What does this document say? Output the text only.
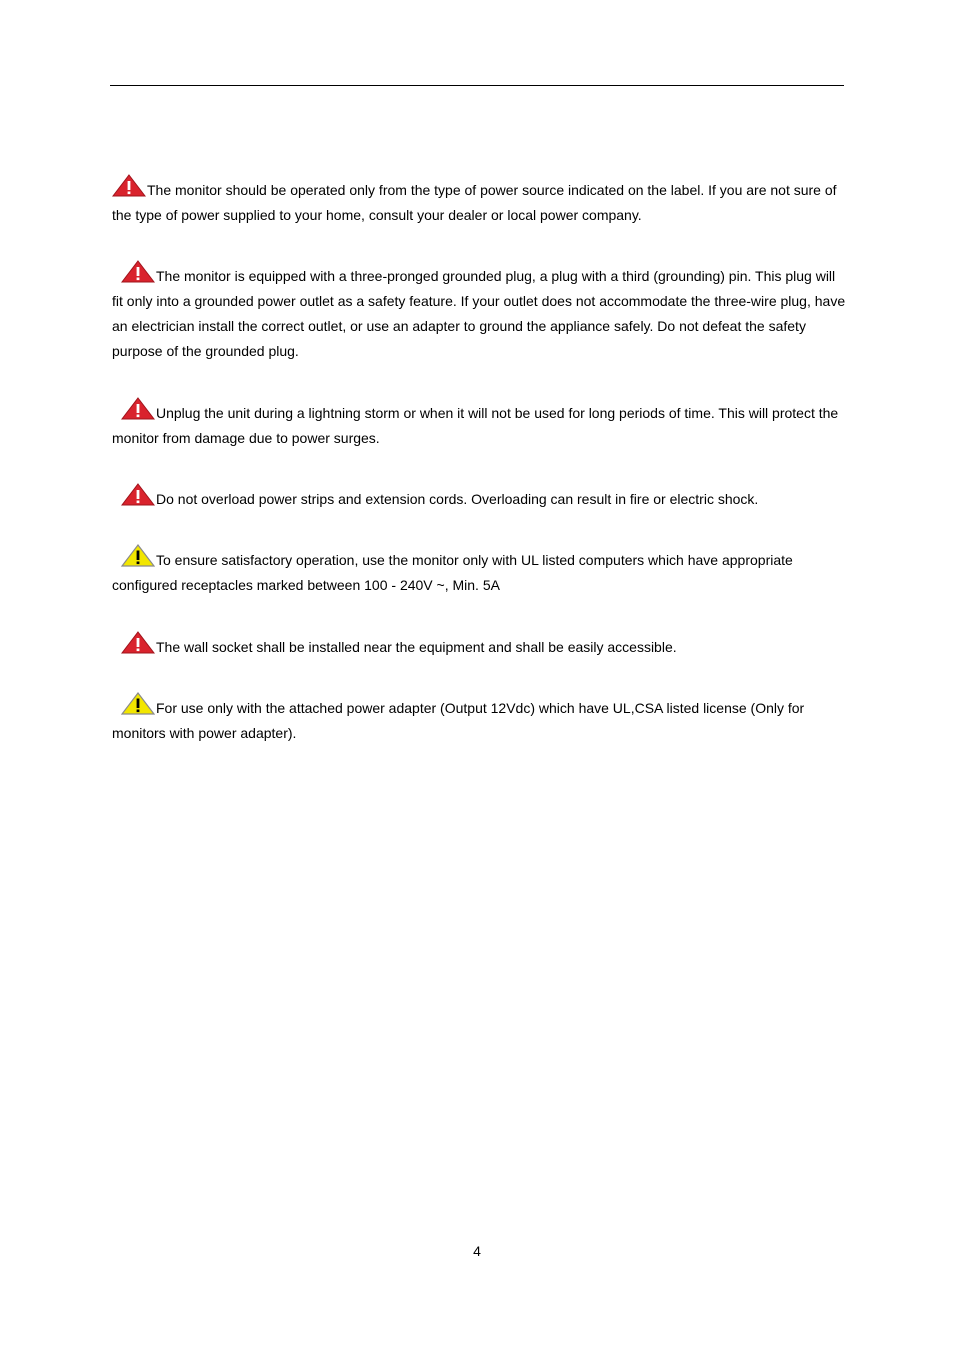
The monitor should be operated only from the type of power source indicated on the label. If you are not sure of the type of power supplied to your home, consult your dealer or local power company.

The monitor is equipped with a three-pronged grounded plug, a plug with a third (grounding) pin. This plug will fit only into a grounded power outlet as a safety feature. If your outlet does not accommodate the three-wire plug, have an electrician install the correct outlet, or use an adapter to ground the appliance safely. Do not defeat the safety purpose of the grounded plug.

Unplug the unit during a lightning storm or when it will not be used for long periods of time. This will protect the monitor from damage due to power surges.

Do not overload power strips and extension cords. Overloading can result in fire or electric shock.

To ensure satisfactory operation, use the monitor only with UL listed computers which have appropriate configured receptacles marked between 100 - 240V ~, Min. 5A

The wall socket shall be installed near the equipment and shall be easily accessible.

For use only with the attached power adapter (Output 12Vdc) which have UL,CSA listed license (Only for monitors with power adapter).

4
